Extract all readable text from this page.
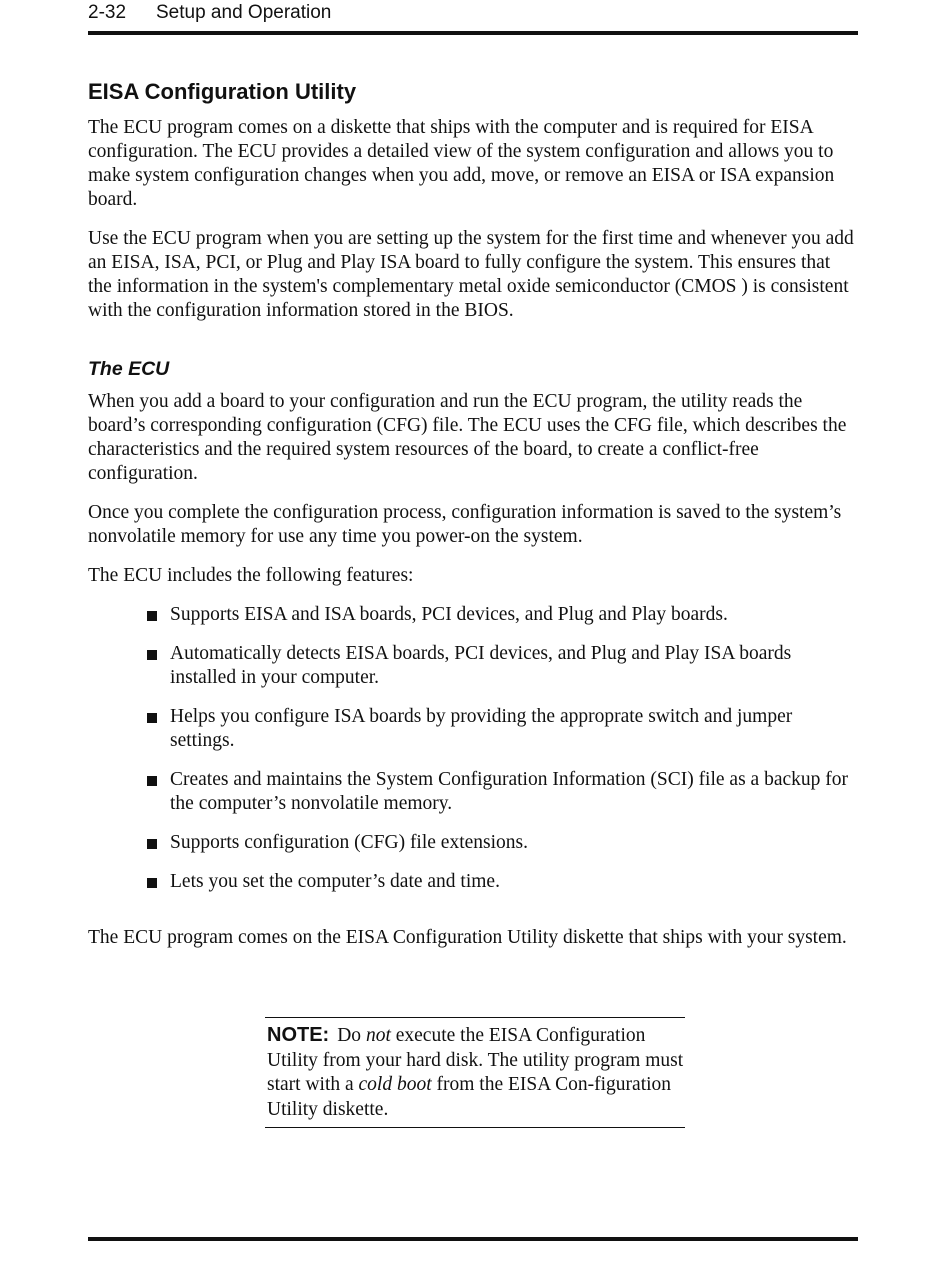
2-32 Setup and Operation
EISA Configuration Utility

The ECU program comes on a diskette that ships with the computer and is required for EISA configuration. The ECU provides a detailed view of the system configuration and allows you to make system configuration changes when you add, move, or remove an EISA or ISA expansion board.

Use the ECU program when you are setting up the system for the first time and whenever you add an EISA, ISA, PCI, or Plug and Play ISA board to fully configure the system. This ensures that the information in the system's complementary metal oxide semiconductor (CMOS ) is consistent with the configuration information stored in the BIOS.

The ECU

When you add a board to your configuration and run the ECU program, the utility reads the board’s corresponding configuration (CFG) file. The ECU uses the CFG file, which describes the characteristics and the required system resources of the board, to create a conflict-free configuration.

Once you complete the configuration process, configuration information is saved to the system’s nonvolatile memory for use any time you power-on the system.

The ECU includes the following features:

Supports EISA and ISA boards, PCI devices, and Plug and Play boards.
Automatically detects EISA boards, PCI devices, and Plug and Play ISA boards installed in your computer.
Helps you configure ISA boards by providing the approprate switch and jumper settings.
Creates and maintains the System Configuration Information (SCI) file as a backup for the computer’s nonvolatile memory.
Supports configuration (CFG) file extensions.
Lets you set the computer’s date and time.

The ECU program comes on the EISA Configuration Utility diskette that ships with your system.

NOTE: Do not execute the EISA Configuration Utility from your hard disk. The utility program must start with a cold boot from the EISA Con-figuration Utility diskette.
